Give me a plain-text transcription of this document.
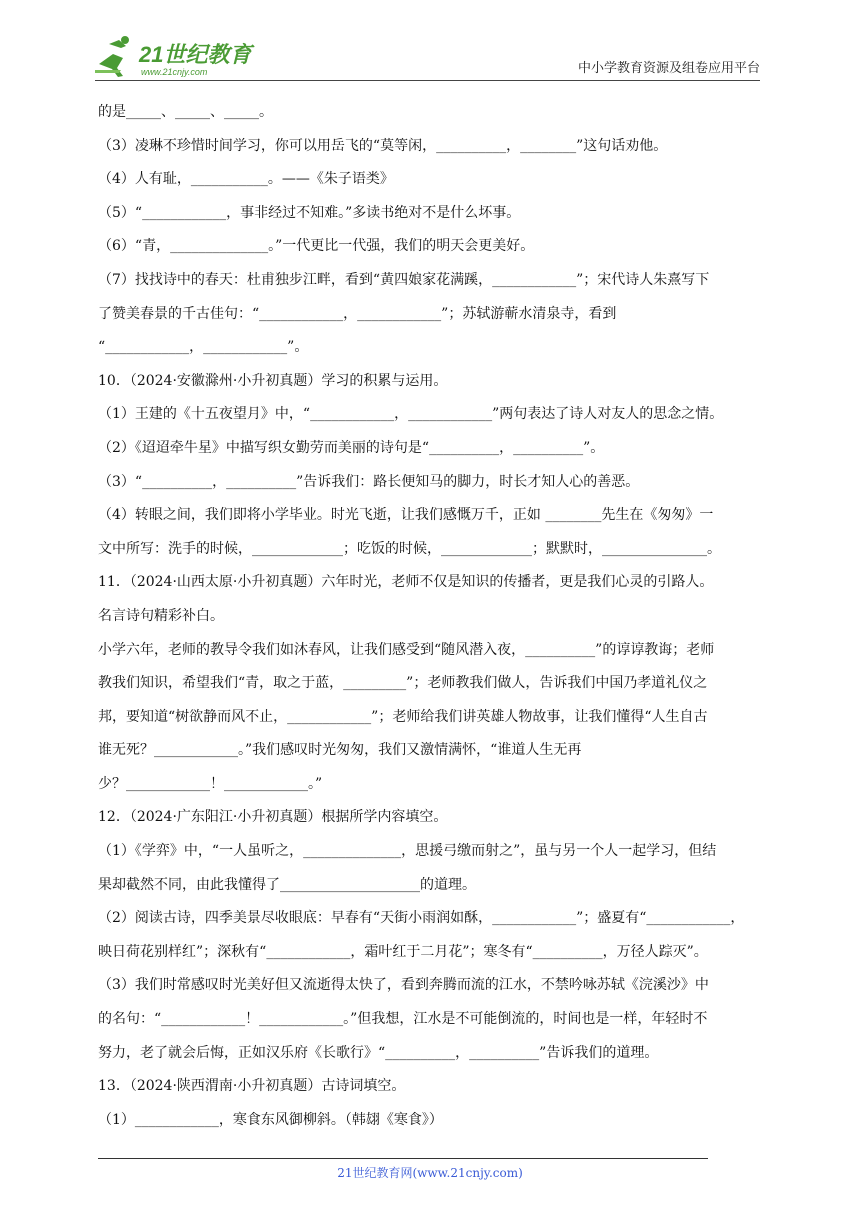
21世纪教育
www.21cnjy.com	中小学教育资源及组卷应用平台
的是_____、_____、_____。
（3）凌琳不珍惜时间学习，你可以用岳飞的“莫等闲，__________，________”这句话劝他。
（4）人有耻，___________。——《朱子语类》
（5）“____________，事非经过不知难。”多读书绝对不是什么坏事。
（6）“青，______________。”一代更比一代强，我们的明天会更美好。
（7）找找诗中的春天：杜甫独步江畔，看到“黄四娘家花满蹊，____________”；宋代诗人朱熹写下
了赞美春景的千古佳句：“____________，____________”；苏轼游蕲水清泉寺，看到
“____________，____________”。
10．（2024·安徽滁州·小升初真题）学习的积累与运用。
（1）王建的《十五夜望月》中，“____________，____________”两句表达了诗人对友人的思念之情。
（2）《迢迢牵牛星》中描写织女勤劳而美丽的诗句是“__________，__________”。
（3）“__________，__________”告诉我们：路长便知马的脚力，时长才知人心的善恶。
（4）转眼之间，我们即将小学毕业。时光飞逝，让我们感慨万千，正如 ________先生在《匆匆》一
文中所写：洗手的时候，_____________；吃饭的时候，_____________；默默时，_______________。
11．（2024·山西太原·小升初真题）六年时光，老师不仅是知识的传播者，更是我们心灵的引路人。
名言诗句精彩补白。
小学六年，老师的教导令我们如沐春风，让我们感受到“随风潜入夜，__________”的谆谆教诲；老师
教我们知识，希望我们“青，取之于蓝，_________”；老师教我们做人，告诉我们中国乃孝道礼仪之
邦，要知道“树欲静而风不止，____________”；老师给我们讲英雄人物故事，让我们懂得“人生自古
谁无死？____________。”我们感叹时光匆匆，我们又激情满怀，“谁道人生无再
少？____________！____________。”
12．（2024·广东阳江·小升初真题）根据所学内容填空。
（1）《学弈》中，“一人虽听之，______________，思援弓缴而射之”，虽与另一个人一起学习，但结
果却截然不同，由此我懂得了____________________的道理。
（2）阅读古诗，四季美景尽收眼底：早春有“天街小雨润如酥，____________”；盛夏有“____________，
映日荷花别样红”；深秋有“____________，霜叶红于二月花”；寒冬有“__________，万径人踪灭”。
（3）我们时常感叹时光美好但又流逝得太快了，看到奔腾而流的江水，不禁吟咏苏轼《浣溪沙》中
的名句：“____________！____________。”但我想，江水是不可能倒流的，时间也是一样，年轻时不
努力，老了就会后悔，正如汉乐府《长歌行》“__________，__________”告诉我们的道理。
13．（2024·陕西渭南·小升初真题）古诗词填空。
（1）____________，寒食东风御柳斜。（韩翃《寒食》）
21世纪教育网(www.21cnjy.com)
